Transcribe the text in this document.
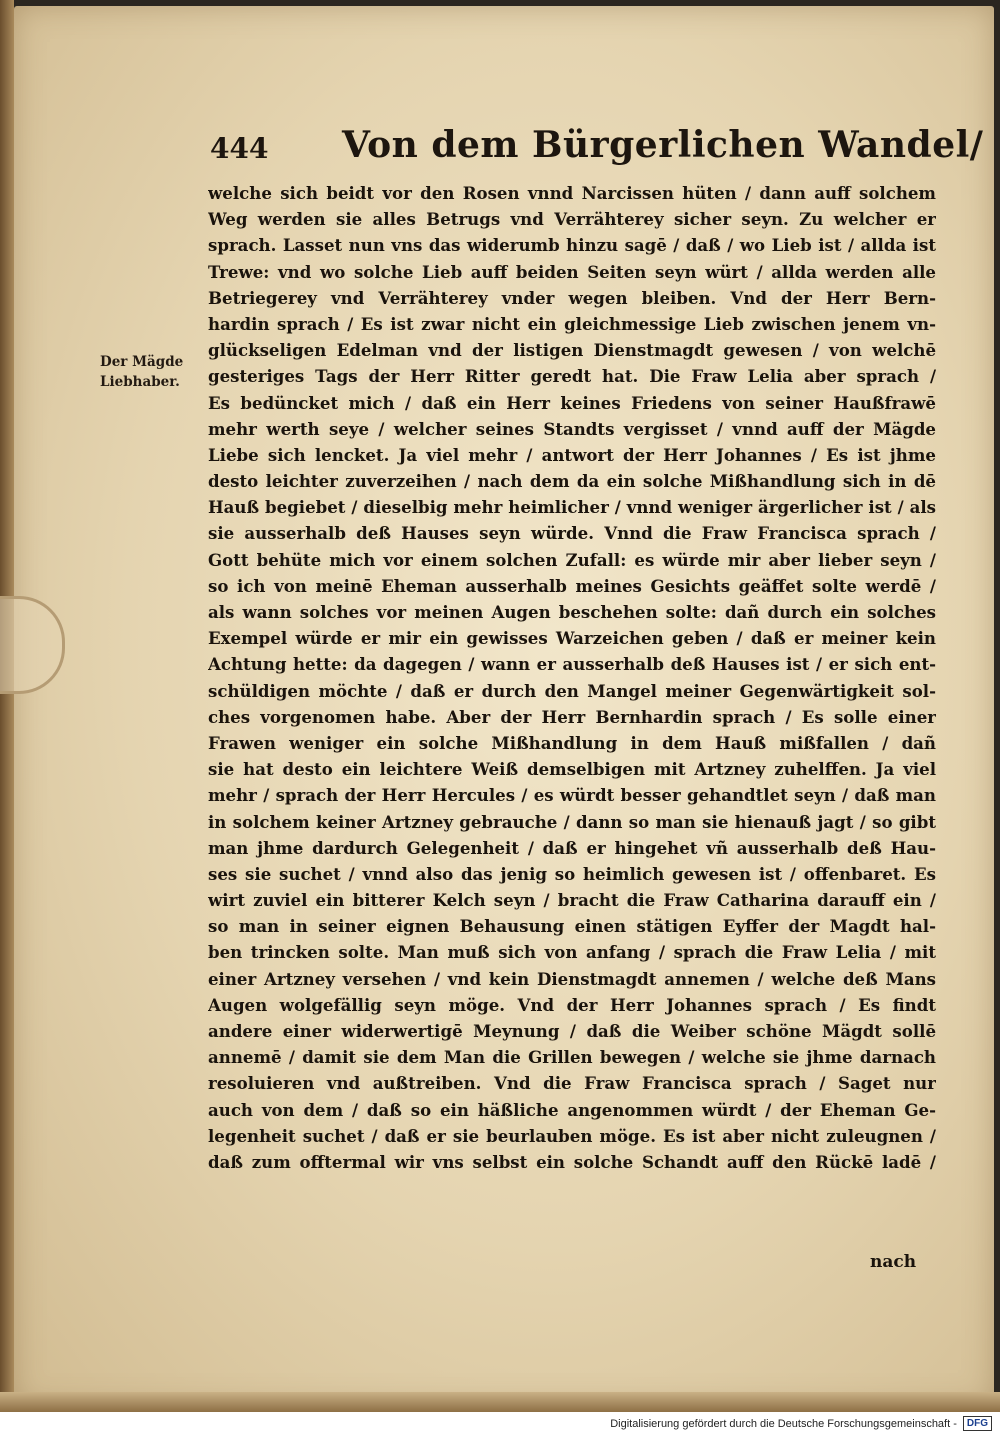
444 Von dem Bürgerlichen Wandel/
Der Mägde
Liebhaber.
welche sich beidt vor den Rosen vnnd Narcissen hüten / dann auff solchem
Weg werden sie alles Betrugs vnd Verrähterey sicher seyn. Zu welcher er
sprach. Lasset nun vns das widerumb hinzu sagē / daß / wo Lieb ist / allda ist
Trewe: vnd wo solche Lieb auff beiden Seiten seyn würt / allda werden alle
Betriegerey vnd Verrähterey vnder wegen bleiben. Vnd der Herr Bern-
hardin sprach / Es ist zwar nicht ein gleichmessige Lieb zwischen jenem vn-
glückseligen Edelman vnd der listigen Dienstmagdt gewesen / von welchē
gesteriges Tags der Herr Ritter geredt hat. Die Fraw Lelia aber sprach /
Es bedüncket mich / daß ein Herr keines Friedens von seiner Haußfrawē
mehr werth seye / welcher seines Standts vergisset / vnnd auff der Mägde
Liebe sich lencket. Ja viel mehr / antwort der Herr Johannes / Es ist jhme
desto leichter zuverzeihen / nach dem da ein solche Mißhandlung sich in dē
Hauß begiebet / dieselbig mehr heimlicher / vnnd weniger ärgerlicher ist / als
sie ausserhalb deß Hauses seyn würde. Vnnd die Fraw Francisca sprach /
Gott behüte mich vor einem solchen Zufall: es würde mir aber lieber seyn /
so ich von meinē Eheman ausserhalb meines Gesichts geäffet solte werdē /
als wann solches vor meinen Augen beschehen solte: dañ durch ein solches
Exempel würde er mir ein gewisses Warzeichen geben / daß er meiner kein
Achtung hette: da dagegen / wann er ausserhalb deß Hauses ist / er sich ent-
schüldigen möchte / daß er durch den Mangel meiner Gegenwärtigkeit sol-
ches vorgenomen habe. Aber der Herr Bernhardin sprach / Es solle einer
Frawen weniger ein solche Mißhandlung in dem Hauß mißfallen / dañ
sie hat desto ein leichtere Weiß demselbigen mit Artzney zuhelffen. Ja viel
mehr / sprach der Herr Hercules / es würdt besser gehandtlet seyn / daß man
in solchem keiner Artzney gebrauche / dann so man sie hienauß jagt / so gibt
man jhme dardurch Gelegenheit / daß er hingehet vñ ausserhalb deß Hau-
ses sie suchet / vnnd also das jenig so heimlich gewesen ist / offenbaret. Es
wirt zuviel ein bitterer Kelch seyn / bracht die Fraw Catharina darauff ein /
so man in seiner eignen Behausung einen stätigen Eyffer der Magdt hal-
ben trincken solte. Man muß sich von anfang / sprach die Fraw Lelia / mit
einer Artzney versehen / vnd kein Dienstmagdt annemen / welche deß Mans
Augen wolgefällig seyn möge. Vnd der Herr Johannes sprach / Es findt
andere einer widerwertigē Meynung / daß die Weiber schöne Mägdt sollē
annemē / damit sie dem Man die Grillen bewegen / welche sie jhme darnach
resoluieren vnd außtreiben. Vnd die Fraw Francisca sprach / Saget nur
auch von dem / daß so ein häßliche angenommen würdt / der Eheman Ge-
legenheit suchet / daß er sie beurlauben möge. Es ist aber nicht zuleugnen /
daß zum offtermal wir vns selbst ein solche Schandt auff den Rückē ladē /
nach
Digitalisierung gefördert durch die Deutsche Forschungsgemeinschaft -	DFG
